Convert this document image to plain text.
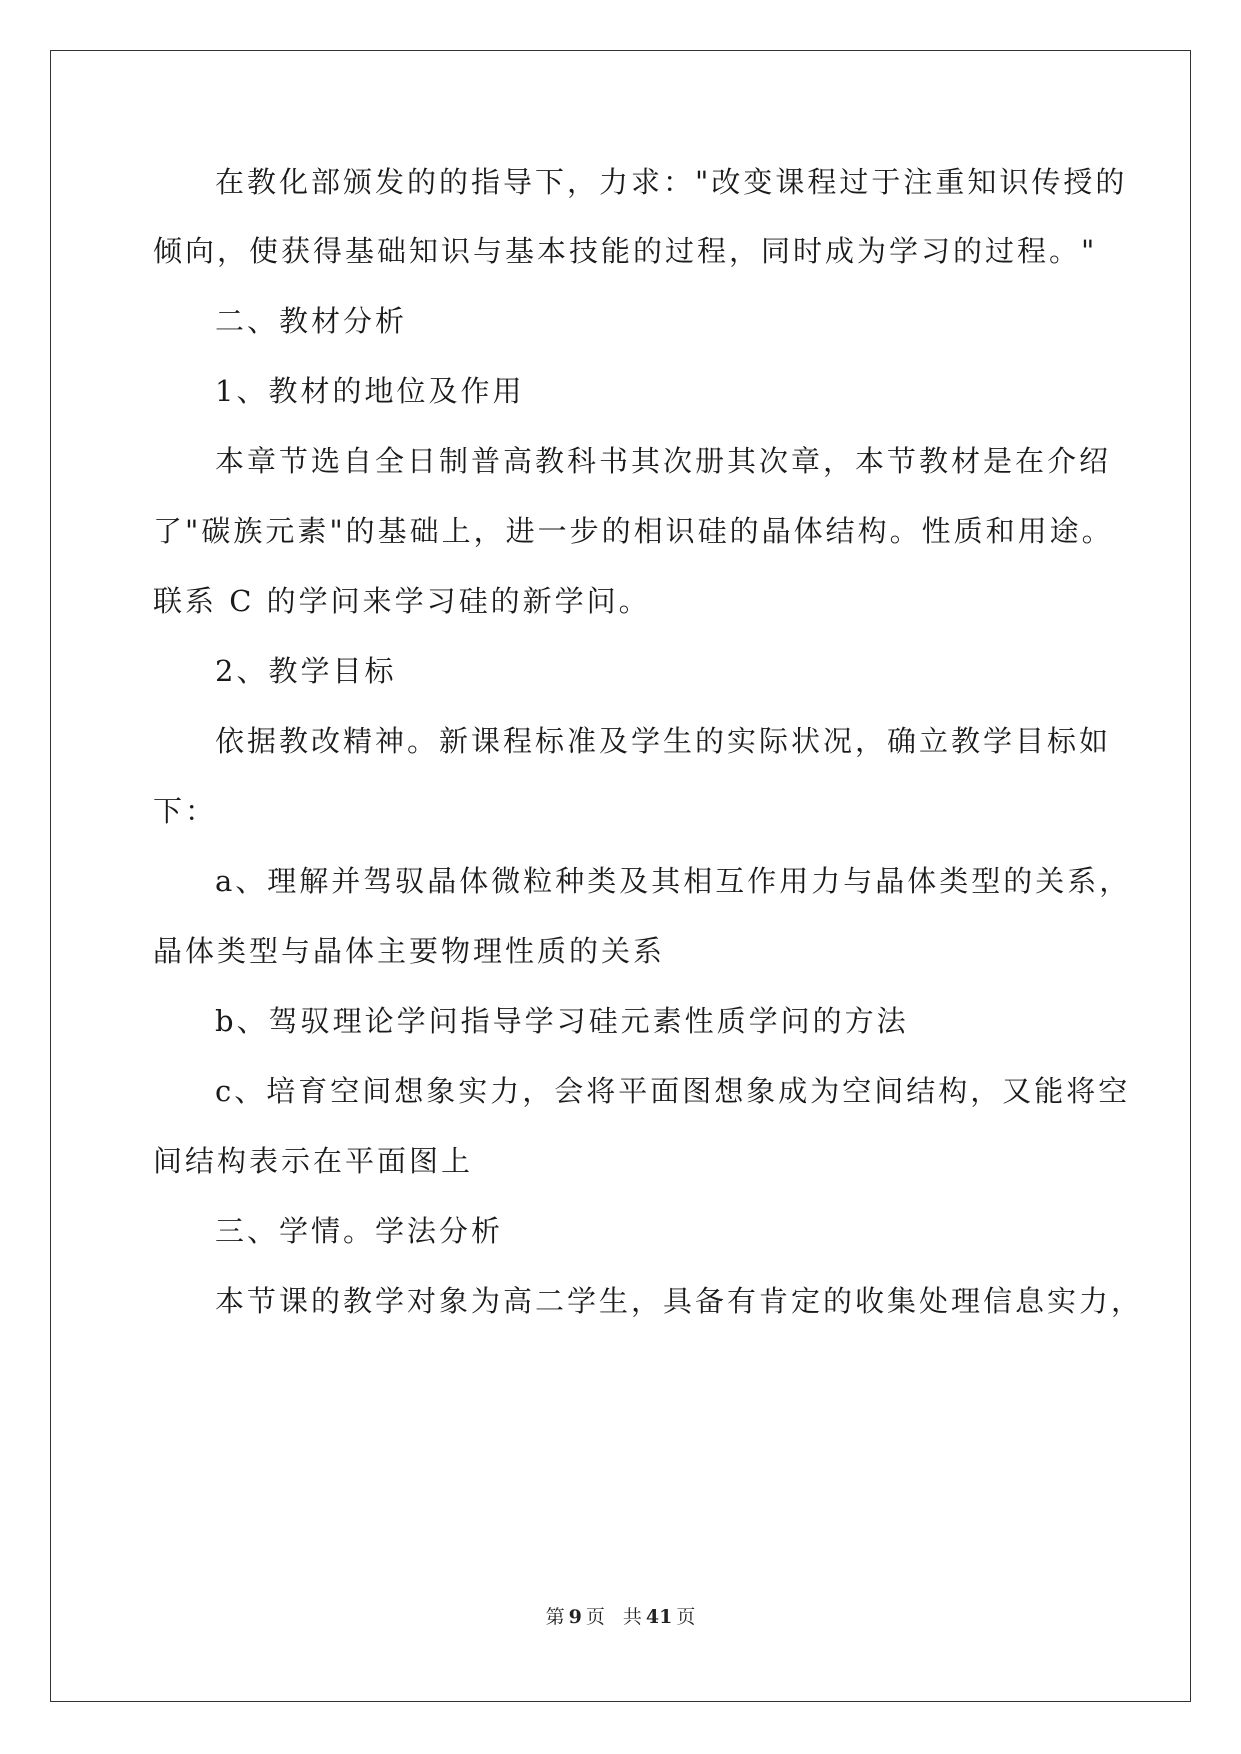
在教化部颁发的的指导下，力求："改变课程过于注重知识传授的
倾向，使获得基础知识与基本技能的过程，同时成为学习的过程。"
二、教材分析
1、教材的地位及作用
本章节选自全日制普高教科书其次册其次章，本节教材是在介绍
了"碳族元素"的基础上，进一步的相识硅的晶体结构。性质和用途。
联系 C 的学问来学习硅的新学问。
2、教学目标
依据教改精神。新课程标准及学生的实际状况，确立教学目标如
下：
a、理解并驾驭晶体微粒种类及其相互作用力与晶体类型的关系，
晶体类型与晶体主要物理性质的关系
b、驾驭理论学问指导学习硅元素性质学问的方法
c、培育空间想象实力，会将平面图想象成为空间结构，又能将空
间结构表示在平面图上
三、学情。学法分析
本节课的教学对象为高二学生，具备有肯定的收集处理信息实力，
第 9 页 共 41 页
